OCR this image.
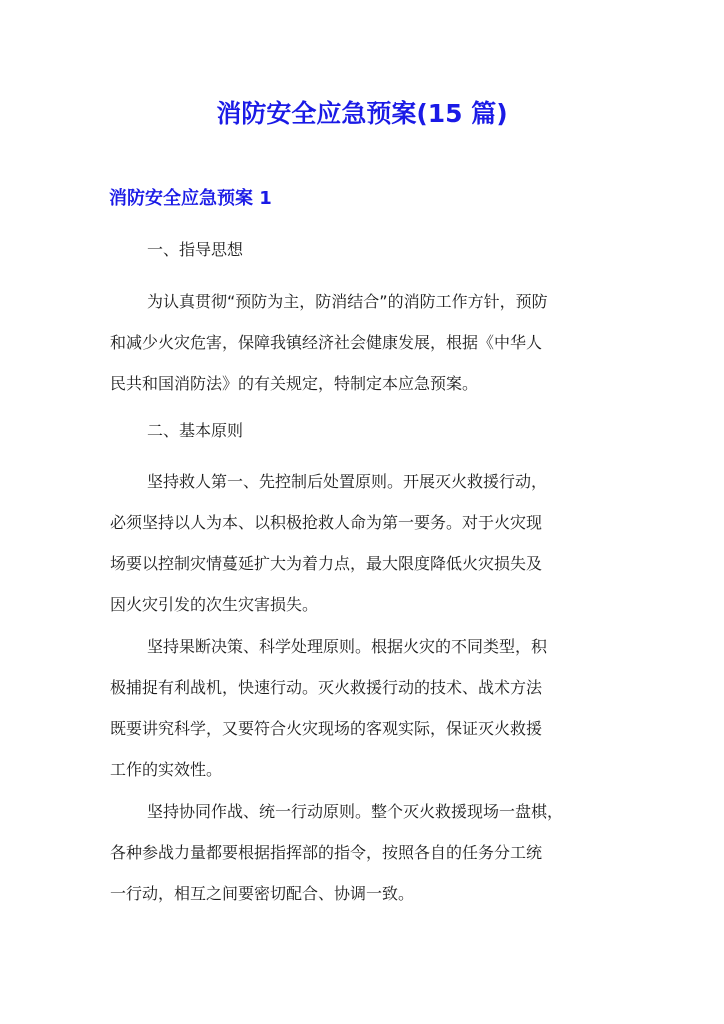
消防安全应急预案(15 篇)
消防安全应急预案 1

一、指导思想

为认真贯彻“预防为主，防消结合”的消防工作方针，预防
和减少火灾危害，保障我镇经济社会健康发展，根据《中华人
民共和国消防法》的有关规定，特制定本应急预案。

二、基本原则

坚持救人第一、先控制后处置原则。开展灭火救援行动，
必须坚持以人为本、以积极抢救人命为第一要务。对于火灾现
场要以控制灾情蔓延扩大为着力点，最大限度降低火灾损失及
因火灾引发的次生灾害损失。

坚持果断决策、科学处理原则。根据火灾的不同类型，积
极捕捉有利战机，快速行动。灭火救援行动的技术、战术方法
既要讲究科学，又要符合火灾现场的客观实际，保证灭火救援
工作的实效性。

坚持协同作战、统一行动原则。整个灭火救援现场一盘棋，
各种参战力量都要根据指挥部的指令，按照各自的任务分工统
一行动，相互之间要密切配合、协调一致。
